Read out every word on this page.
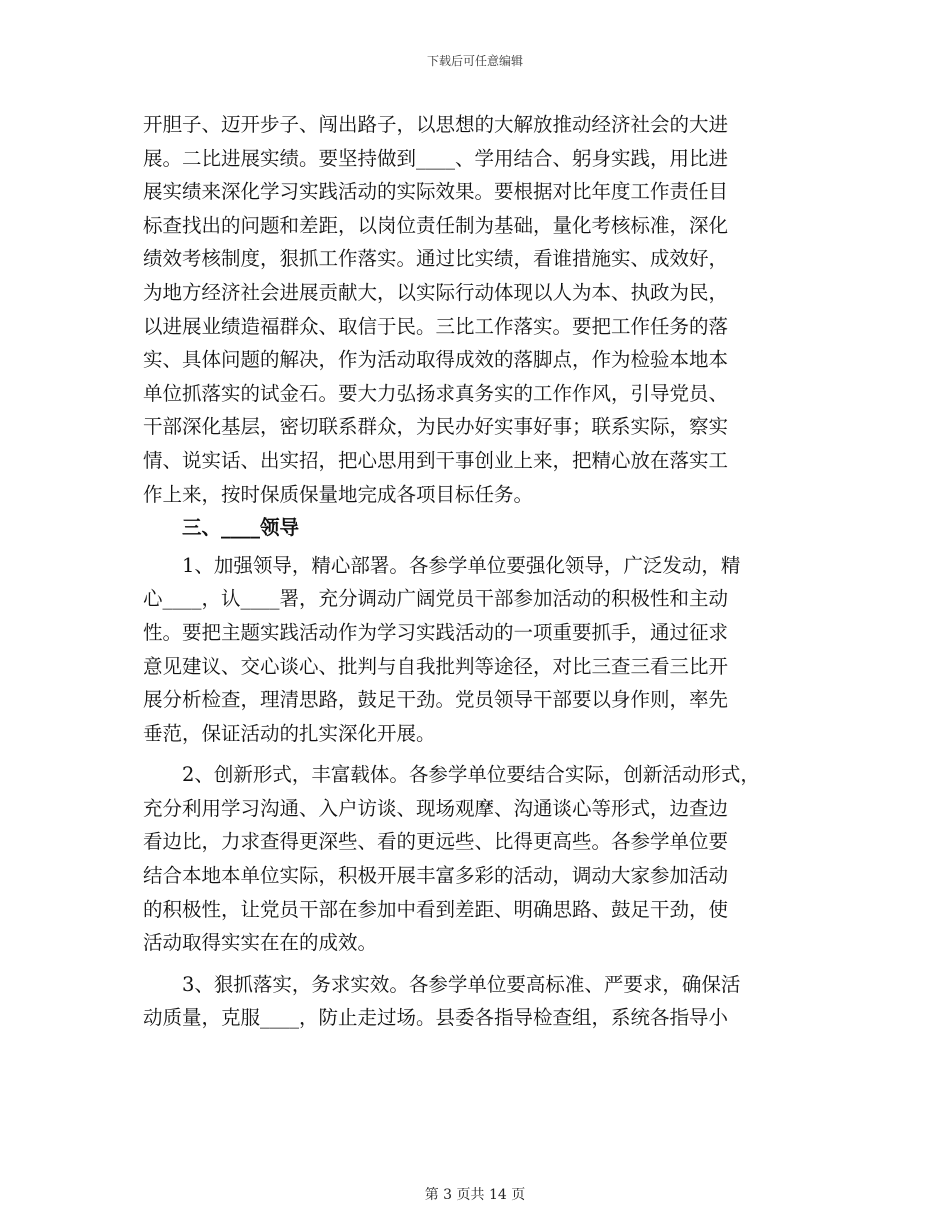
下载后可任意编辑
开胆子、迈开步子、闯出路子，以思想的大解放推动经济社会的大进
展。二比进展实绩。要坚持做到____、学用结合、躬身实践，用比进
展实绩来深化学习实践活动的实际效果。要根据对比年度工作责任目
标查找出的问题和差距，以岗位责任制为基础，量化考核标准，深化
绩效考核制度，狠抓工作落实。通过比实绩，看谁措施实、成效好，
为地方经济社会进展贡献大，以实际行动体现以人为本、执政为民，
以进展业绩造福群众、取信于民。三比工作落实。要把工作任务的落
实、具体问题的解决，作为活动取得成效的落脚点，作为检验本地本
单位抓落实的试金石。要大力弘扬求真务实的工作作风，引导党员、
干部深化基层，密切联系群众，为民办好实事好事；联系实际，察实
情、说实话、出实招，把心思用到干事创业上来，把精心放在落实工
作上来，按时保质保量地完成各项目标任务。
　　三、____领导
　　1、加强领导，精心部署。各参学单位要强化领导，广泛发动，精
心____，认____署，充分调动广阔党员干部参加活动的积极性和主动
性。要把主题实践活动作为学习实践活动的一项重要抓手，通过征求
意见建议、交心谈心、批判与自我批判等途径，对比三查三看三比开
展分析检查，理清思路，鼓足干劲。党员领导干部要以身作则，率先
垂范，保证活动的扎实深化开展。
　　2、创新形式，丰富载体。各参学单位要结合实际，创新活动形式，
充分利用学习沟通、入户访谈、现场观摩、沟通谈心等形式，边查边
看边比，力求查得更深些、看的更远些、比得更高些。各参学单位要
结合本地本单位实际，积极开展丰富多彩的活动，调动大家参加活动
的积极性，让党员干部在参加中看到差距、明确思路、鼓足干劲，使
活动取得实实在在的成效。
　　3、狠抓落实，务求实效。各参学单位要高标准、严要求，确保活
动质量，克服____，防止走过场。县委各指导检查组，系统各指导小
第 3 页共 14 页
